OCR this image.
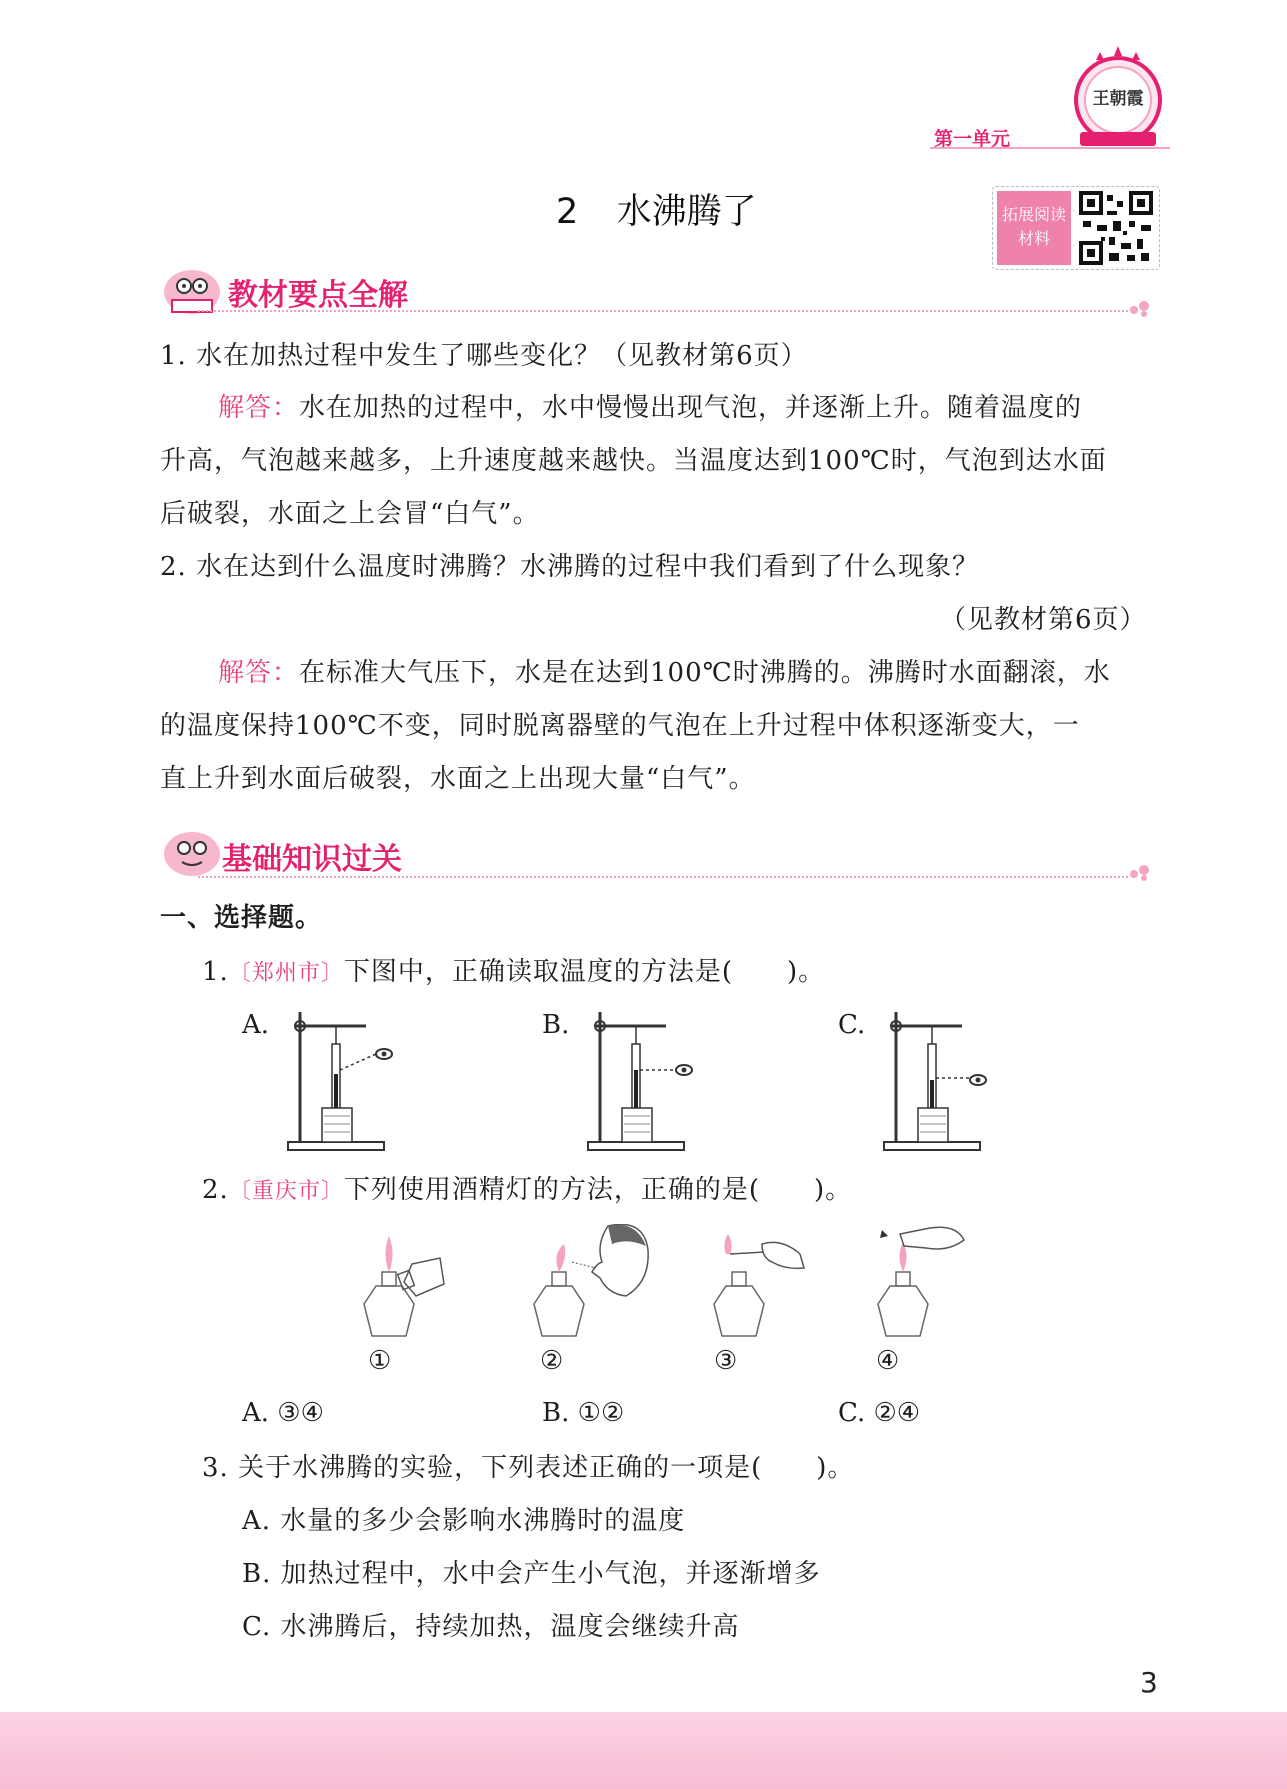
王朝霞
第一单元
2 水沸腾了	拓展阅读
材料
教材要点全解
1. 水在加热过程中发生了哪些变化？（见教材第6页）
解答：水在加热的过程中，水中慢慢出现气泡，并逐渐上升。随着温度的
升高，气泡越来越多，上升速度越来越快。当温度达到100℃时，气泡到达水面
后破裂，水面之上会冒“白气”。
2. 水在达到什么温度时沸腾？水沸腾的过程中我们看到了什么现象？
（见教材第6页）
解答：在标准大气压下，水是在达到100℃时沸腾的。沸腾时水面翻滚，水
的温度保持100℃不变，同时脱离器壁的气泡在上升过程中体积逐渐变大，一
直上升到水面后破裂，水面之上出现大量“白气”。
基础知识过关
一、选择题。
1.〔郑州市〕下图中，正确读取温度的方法是(　　)。
A.	B.	C.
2.〔重庆市〕下列使用酒精灯的方法，正确的是(　　)。
①	②	③	④
A. ③④	B. ①②	C. ②④
3. 关于水沸腾的实验，下列表述正确的一项是(　　)。
A. 水量的多少会影响水沸腾时的温度
B. 加热过程中，水中会产生小气泡，并逐渐增多
C. 水沸腾后，持续加热，温度会继续升高
3
